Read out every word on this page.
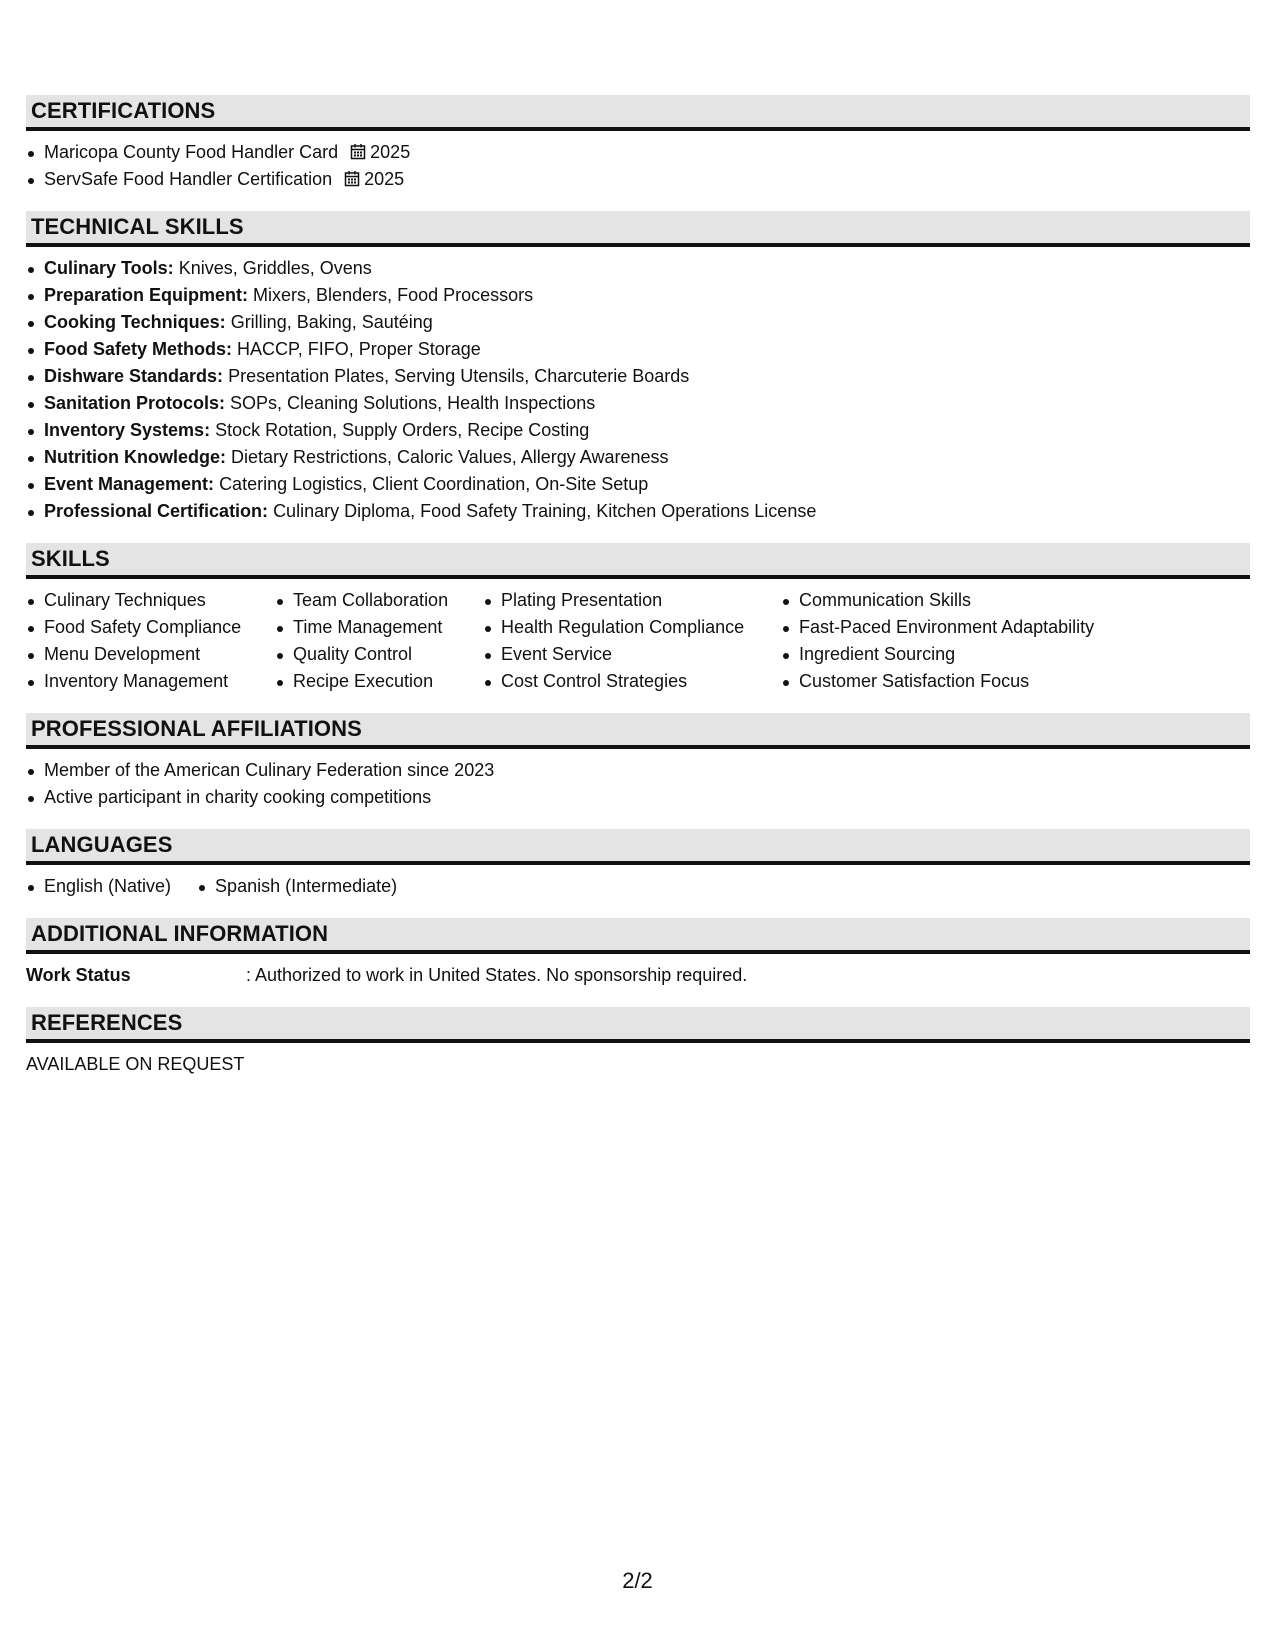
CERTIFICATIONS
Maricopa County Food Handler Card 2025
ServSafe Food Handler Certification 2025
TECHNICAL SKILLS
Culinary Tools: Knives, Griddles, Ovens
Preparation Equipment: Mixers, Blenders, Food Processors
Cooking Techniques: Grilling, Baking, Sautéing
Food Safety Methods: HACCP, FIFO, Proper Storage
Dishware Standards: Presentation Plates, Serving Utensils, Charcuterie Boards
Sanitation Protocols: SOPs, Cleaning Solutions, Health Inspections
Inventory Systems: Stock Rotation, Supply Orders, Recipe Costing
Nutrition Knowledge: Dietary Restrictions, Caloric Values, Allergy Awareness
Event Management: Catering Logistics, Client Coordination, On-Site Setup
Professional Certification: Culinary Diploma, Food Safety Training, Kitchen Operations License
SKILLS
Culinary Techniques
Food Safety Compliance
Menu Development
Inventory Management
Team Collaboration
Time Management
Quality Control
Recipe Execution
Plating Presentation
Health Regulation Compliance
Event Service
Cost Control Strategies
Communication Skills
Fast-Paced Environment Adaptability
Ingredient Sourcing
Customer Satisfaction Focus
PROFESSIONAL AFFILIATIONS
Member of the American Culinary Federation since 2023
Active participant in charity cooking competitions
LANGUAGES
English (Native)	Spanish (Intermediate)
ADDITIONAL INFORMATION
Work Status	: Authorized to work in United States. No sponsorship required.
REFERENCES
AVAILABLE ON REQUEST
2/2
